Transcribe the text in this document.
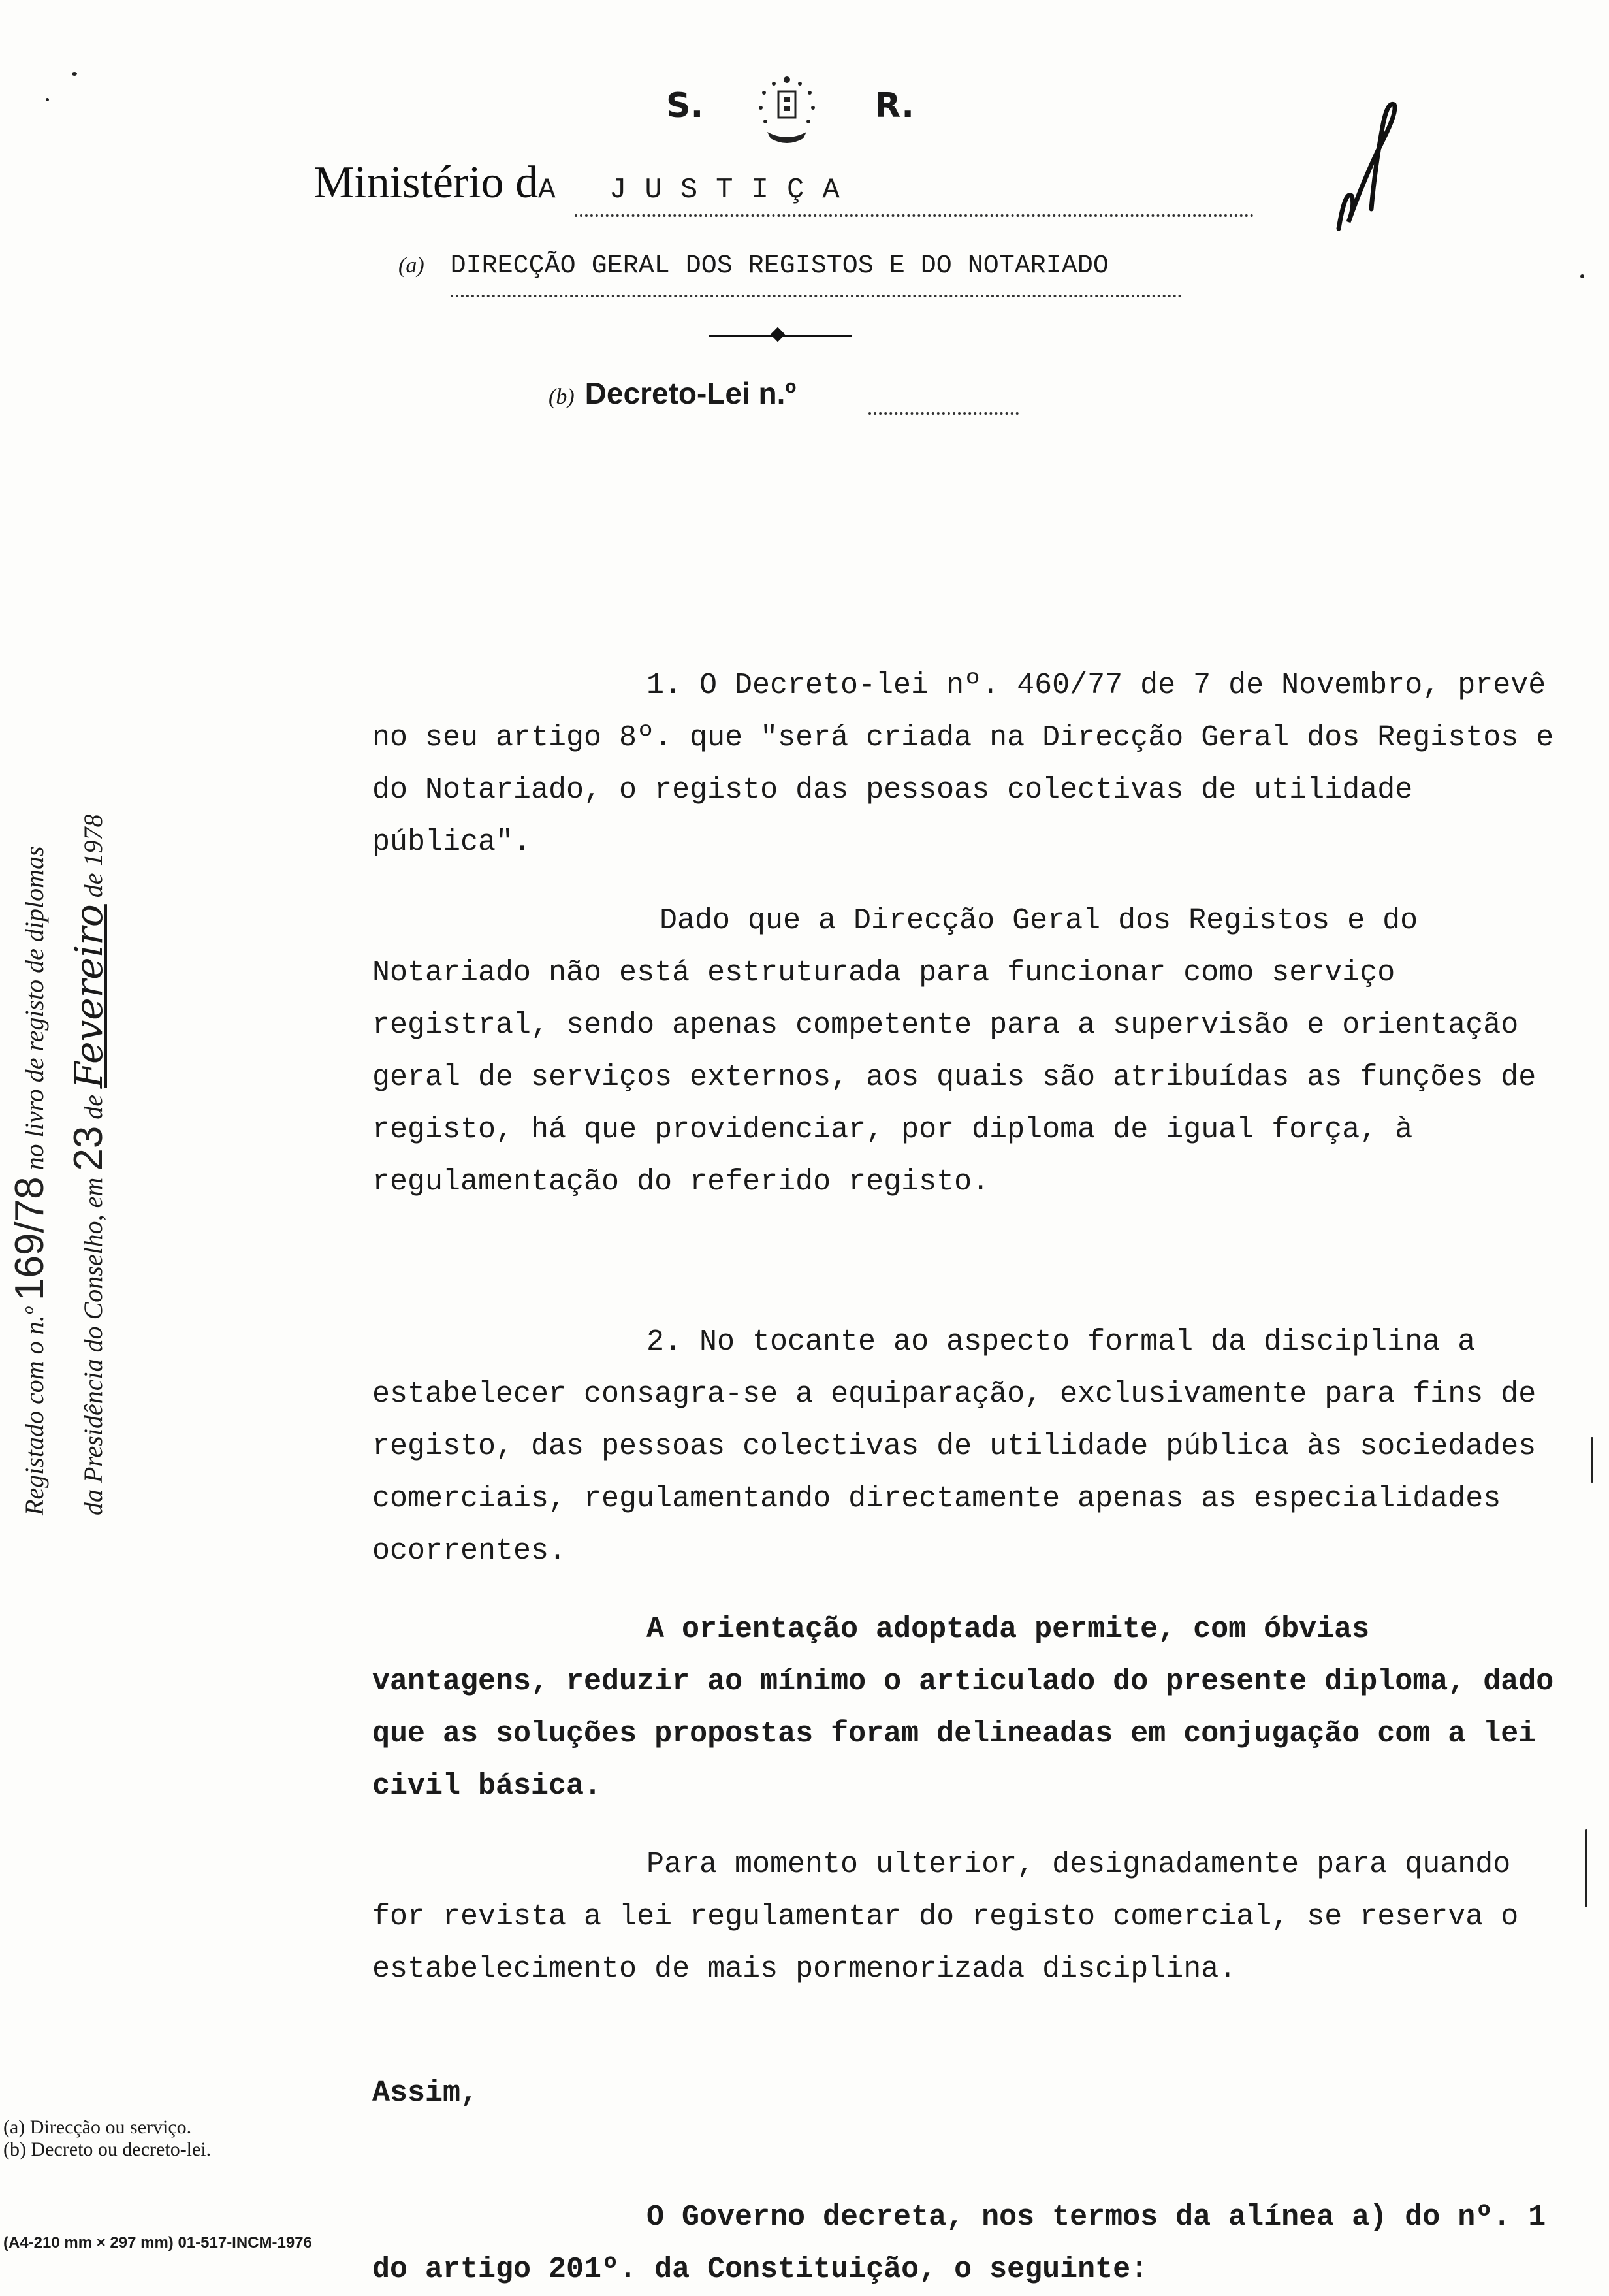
S.	R.
Ministério dA JUSTIÇA
(a) DIRECÇÃO GERAL DOS REGISTOS E DO NOTARIADO
(b) Decreto-Lei n.º
Registado com o n.º 169/78 no livro de registo de diplomas
da Presidência do Conselho, em 23 de Fevereiro de 1978

1. O Decreto-lei nº. 460/77 de 7 de Novembro, prevê no seu artigo 8º. que "será criada na Direcção Geral dos Registos e do Notariado, o registo das pessoas colectivas de utilidade pública".

Dado que a Direcção Geral dos Registos e do Notariado não está estruturada para funcionar como serviço registral, sendo apenas competente para a supervisão e orientação geral de serviços externos, aos quais são atribuídas as funções de registo, há que providenciar, por diploma de igual força, à regulamentação do referido registo.

2. No tocante ao aspecto formal da disciplina a estabelecer consagra-se a equiparação, exclusivamente para fins de registo, das pessoas colectivas de utilidade pública às sociedades comerciais, regulamentando directamente apenas as especialidades ocorrentes.

A orientação adoptada permite, com óbvias vantagens, reduzir ao mínimo o articulado do presente diploma, dado que as soluções propostas foram delineadas em conjugação com a lei civil básica.

Para momento ulterior, designadamente para quando for revista a lei regulamentar do registo comercial, se reserva o estabelecimento de mais pormenorizada disciplina.

Assim,

O Governo decreta, nos termos da alínea a) do nº. 1 do artigo 201º. da Constituição, o seguinte:

(a) Direcção ou serviço.
(b) Decreto ou decreto-lei.
(A4-210 mm × 297 mm) 01-517-INCM-1976
